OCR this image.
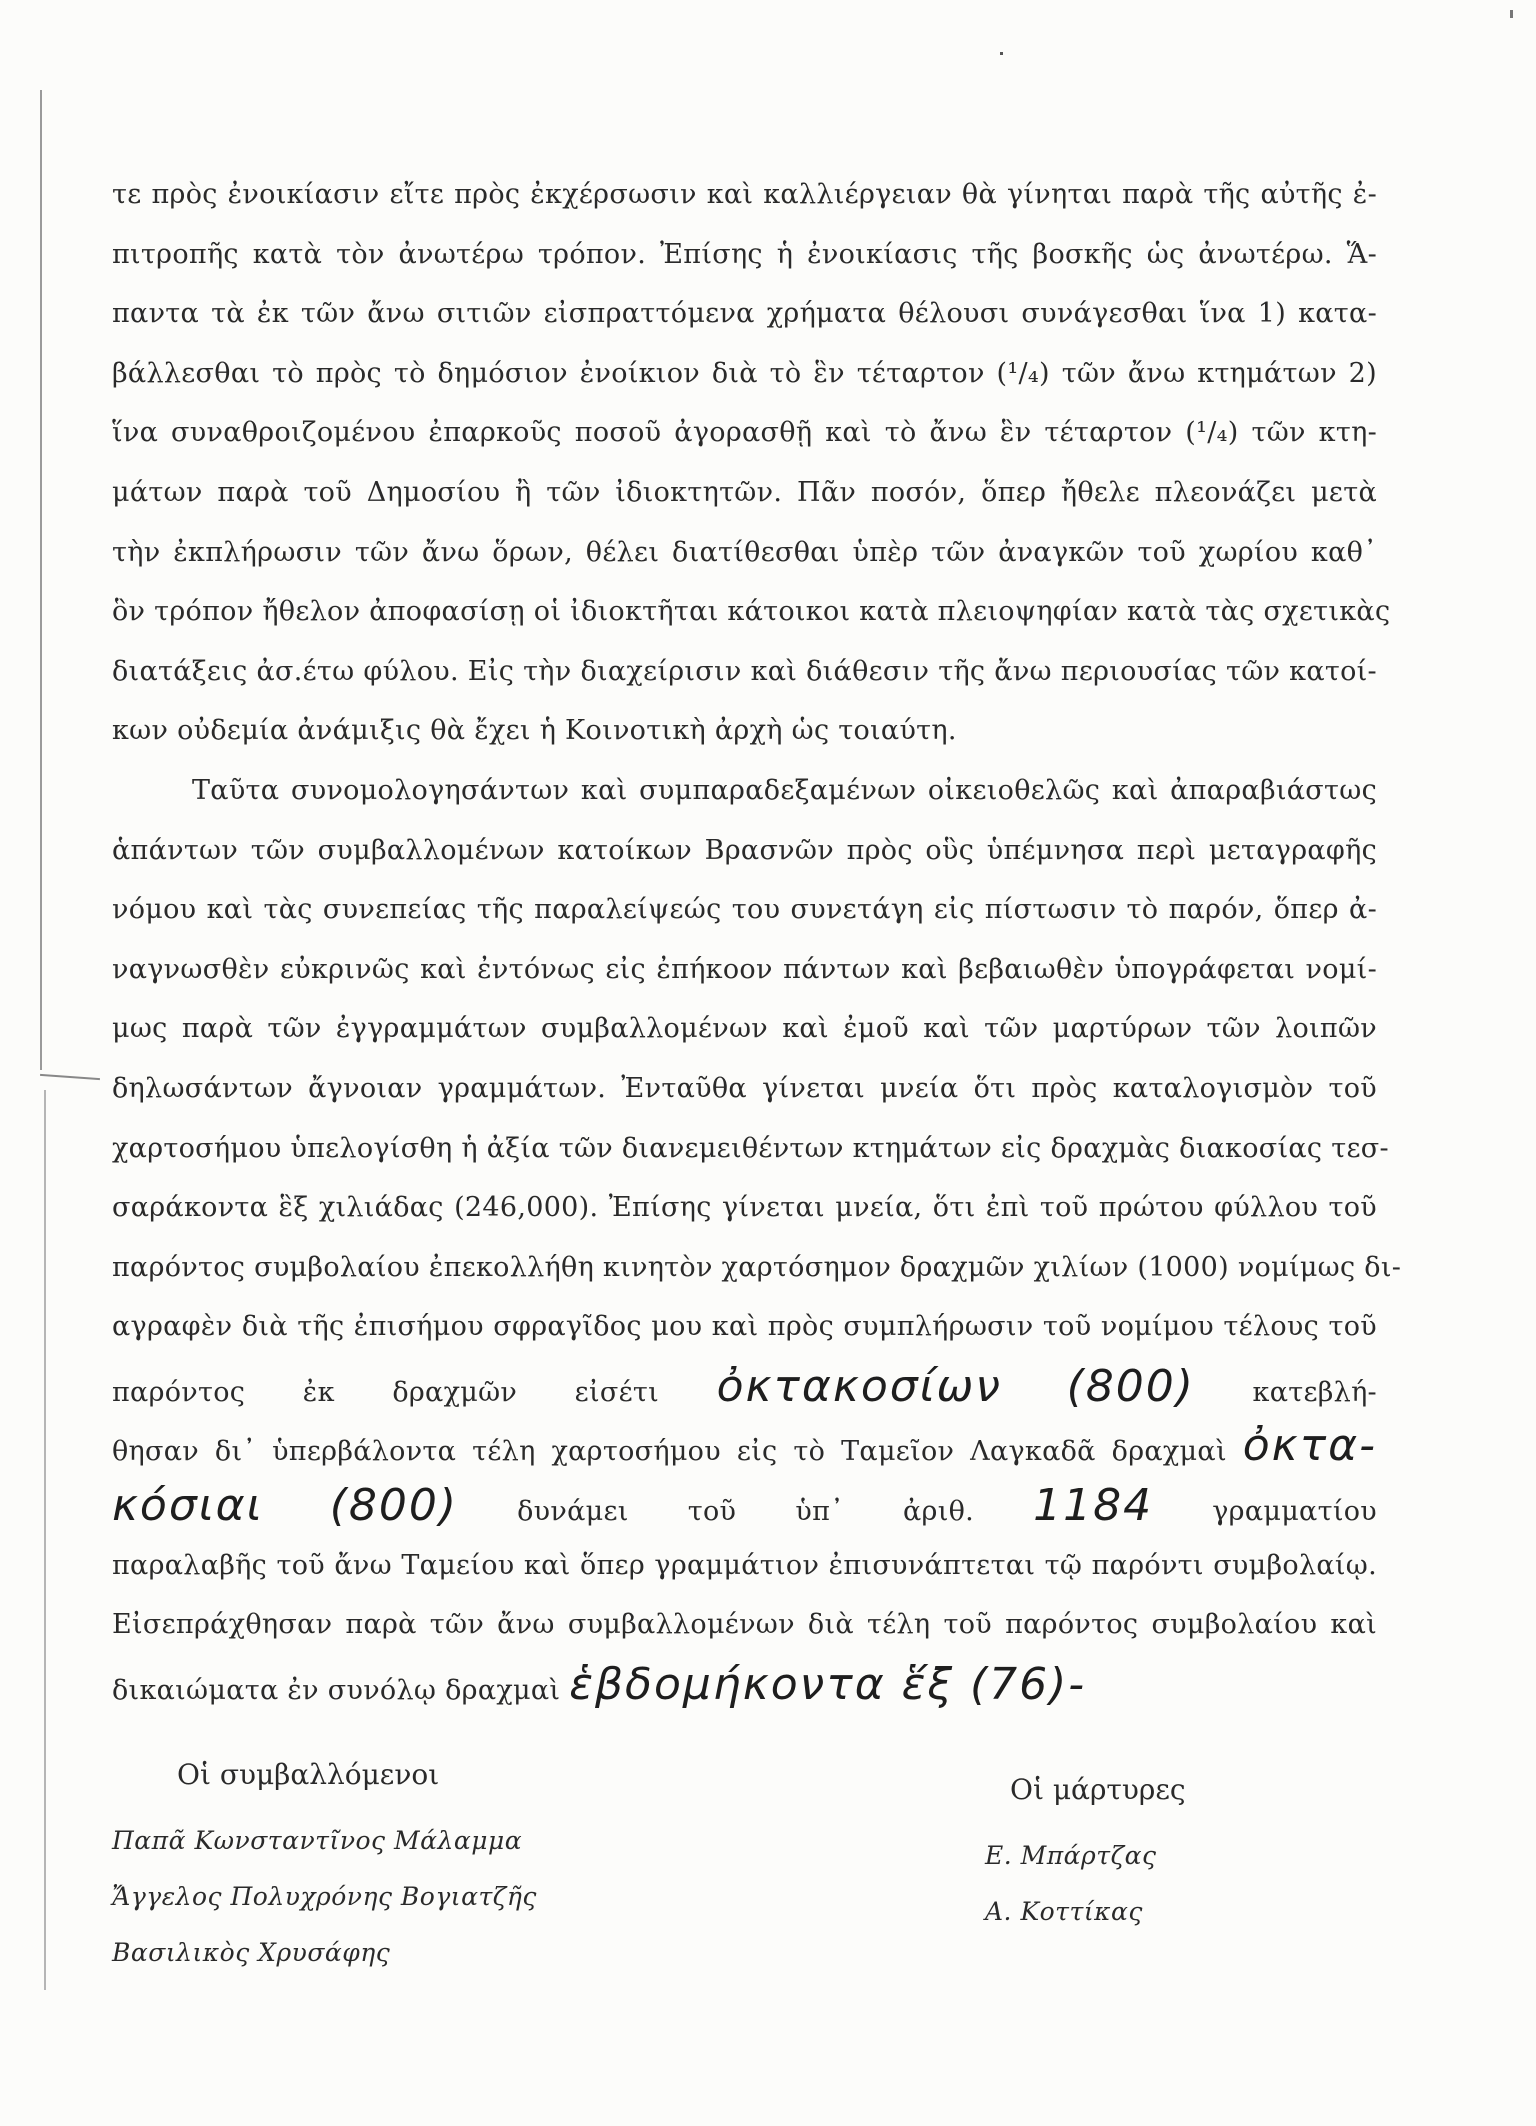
τε πρὸς ἐνοικίασιν εἴτε πρὸς ἐκχέρσωσιν καὶ καλλιέργειαν θὰ γίνηται παρὰ τῆς αὐτῆς ἐ-
πιτροπῆς κατὰ τὸν ἀνωτέρω τρόπον. Ἐπίσης ἡ ἐνοικίασις τῆς βοσκῆς ὡς ἀνωτέρω. Ἅ-
παντα τὰ ἐκ τῶν ἄνω σιτιῶν εἰσπραττόμενα χρήματα θέλουσι συνάγεσθαι ἵνα 1) κατα-
βάλλεσθαι τὸ πρὸς τὸ δημόσιον ἐνοίκιον διὰ τὸ ἓν τέταρτον (¹/₄) τῶν ἄνω κτημάτων 2)
ἵνα συναθροιζομένου ἐπαρκοῦς ποσοῦ ἀγορασθῇ καὶ τὸ ἄνω ἓν τέταρτον (¹/₄) τῶν κτη-
μάτων παρὰ τοῦ Δημοσίου ἢ τῶν ἰδιοκτητῶν. Πᾶν ποσόν, ὅπερ ἤθελε πλεονάζει μετὰ
τὴν ἐκπλήρωσιν τῶν ἄνω ὅρων, θέλει διατίθεσθαι ὑπὲρ τῶν ἀναγκῶν τοῦ χωρίου καθ᾽
ὃν τρόπον ἤθελον ἀποφασίσῃ οἱ ἰδιοκτῆται κάτοικοι κατὰ πλειοψηφίαν κατὰ τὰς σχετικὰς
διατάξεις ἀσ.έτω φύλου. Εἰς τὴν διαχείρισιν καὶ διάθεσιν τῆς ἄνω περιουσίας τῶν κατοί-
κων οὐδεμία ἀνάμιξις θὰ ἔχει ἡ Κοινοτικὴ ἀρχὴ ὡς τοιαύτη.
Ταῦτα συνομολογησάντων καὶ συμπαραδεξαμένων οἰκειοθελῶς καὶ ἀπαραβιάστως
ἁπάντων τῶν συμβαλλομένων κατοίκων Βρασνῶν πρὸς οὓς ὑπέμνησα περὶ μεταγραφῆς
νόμου καὶ τὰς συνεπείας τῆς παραλείψεώς του συνετάγη εἰς πίστωσιν τὸ παρόν, ὅπερ ἀ-
ναγνωσθὲν εὐκρινῶς καὶ ἐντόνως εἰς ἐπήκοον πάντων καὶ βεβαιωθὲν ὑπογράφεται νομί-
μως παρὰ τῶν ἐγγραμμάτων συμβαλλομένων καὶ ἐμοῦ καὶ τῶν μαρτύρων τῶν λοιπῶν
δηλωσάντων ἄγνοιαν γραμμάτων. Ἐνταῦθα γίνεται μνεία ὅτι πρὸς καταλογισμὸν τοῦ
χαρτοσήμου ὑπελογίσθη ἡ ἀξία τῶν διανεμειθέντων κτημάτων εἰς δραχμὰς διακοσίας τεσ-
σαράκοντα ἓξ χιλιάδας (246,000). Ἐπίσης γίνεται μνεία, ὅτι ἐπὶ τοῦ πρώτου φύλλου τοῦ
παρόντος συμβολαίου ἐπεκολλήθη κινητὸν χαρτόσημον δραχμῶν χιλίων (1000) νομίμως δι-
αγραφὲν διὰ τῆς ἐπισήμου σφραγῖδος μου καὶ πρὸς συμπλήρωσιν τοῦ νομίμου τέλους τοῦ
παρόντος ἐκ δραχμῶν εἰσέτι ὀκτακοσίων (800) κατεβλή-
θησαν δι᾽ ὑπερβάλοντα τέλη χαρτοσήμου εἰς τὸ Ταμεῖον Λαγκαδᾶ δραχμαὶ ὀκτα-
κόσιαι (800) δυνάμει τοῦ ὑπ᾽ ἀριθ. 1184 γραμματίου
παραλαβῆς τοῦ ἄνω Ταμείου καὶ ὅπερ γραμμάτιον ἐπισυνάπτεται τῷ παρόντι συμβολαίῳ.
Εἰσεπράχθησαν παρὰ τῶν ἄνω συμβαλλομένων διὰ τέλη τοῦ παρόντος συμβολαίου καὶ
δικαιώματα ἐν συνόλῳ δραχμαὶ ἑβδομήκοντα ἕξ (76)-
Οἱ συμβαλλόμενοι
Παπᾶ Κωνσταντῖνος Μάλαμμα
Ἄγγελος Πολυχρόνης Βογιατζῆς
Βασιλικὸς Χρυσάφης
Οἱ μάρτυρες
Ε. Μπάρτζας
Α. Κοττίκας
